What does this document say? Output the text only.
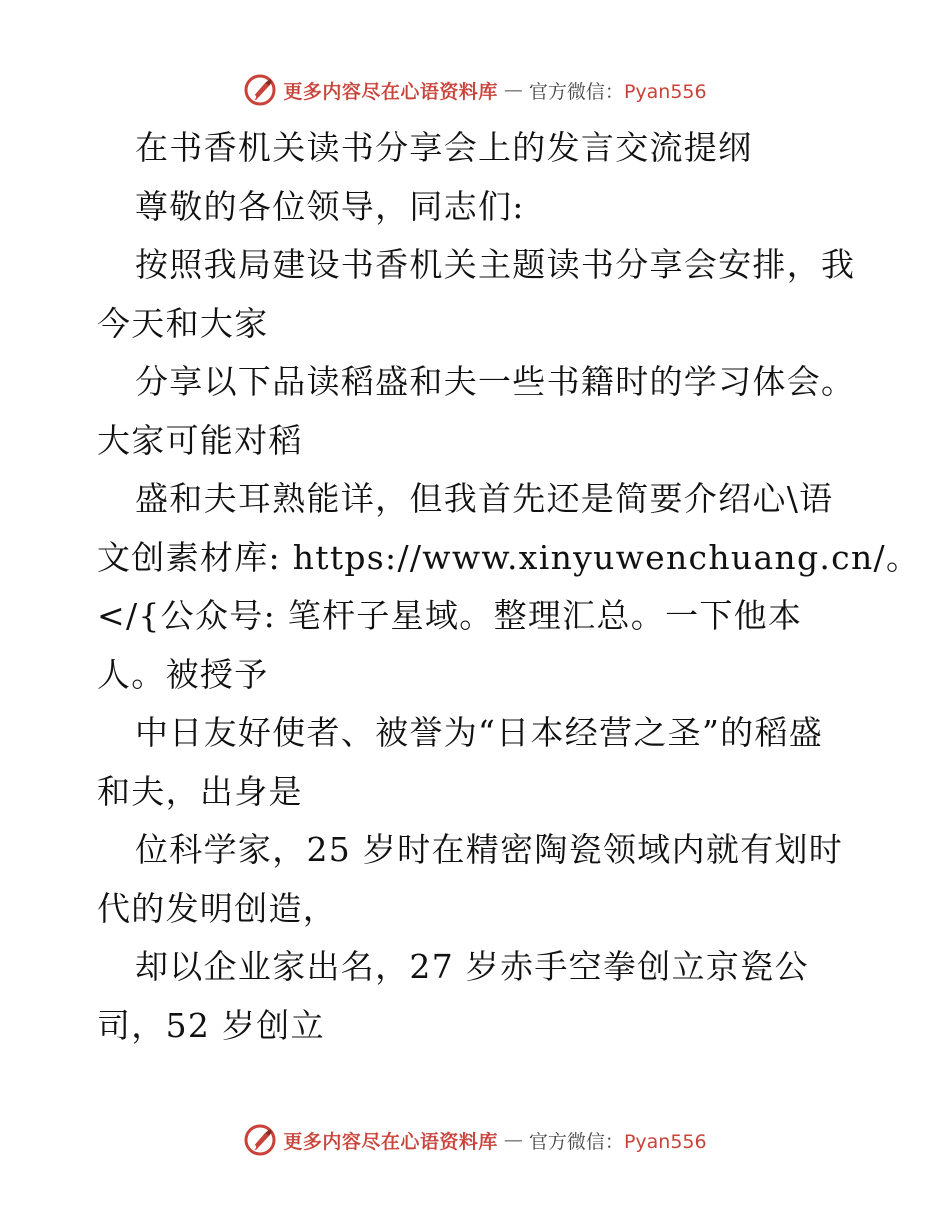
更多内容尽在心语资料库 — 官方微信：Pyan556
在书香机关读书分享会上的发言交流提纲
尊敬的各位领导，同志们:
按照我局建设书香机关主题读书分享会安排，我
今天和大家
分享以下品读稻盛和夫一些书籍时的学习体会。
大家可能对稻
盛和夫耳熟能详，但我首先还是简要介绍心\语
文创素材库: https://www.xinyuwenchuang.cn/。
</{公众号: 笔杆子星域。整理汇总。一下他本
人。被授予
中日友好使者、被誉为“日本经营之圣”的稻盛
和夫，出身是
位科学家，25 岁时在精密陶瓷领域内就有划时
代的发明创造，
却以企业家出名，27 岁赤手空拳创立京瓷公
司，52 岁创立
更多内容尽在心语资料库 — 官方微信：Pyan556
